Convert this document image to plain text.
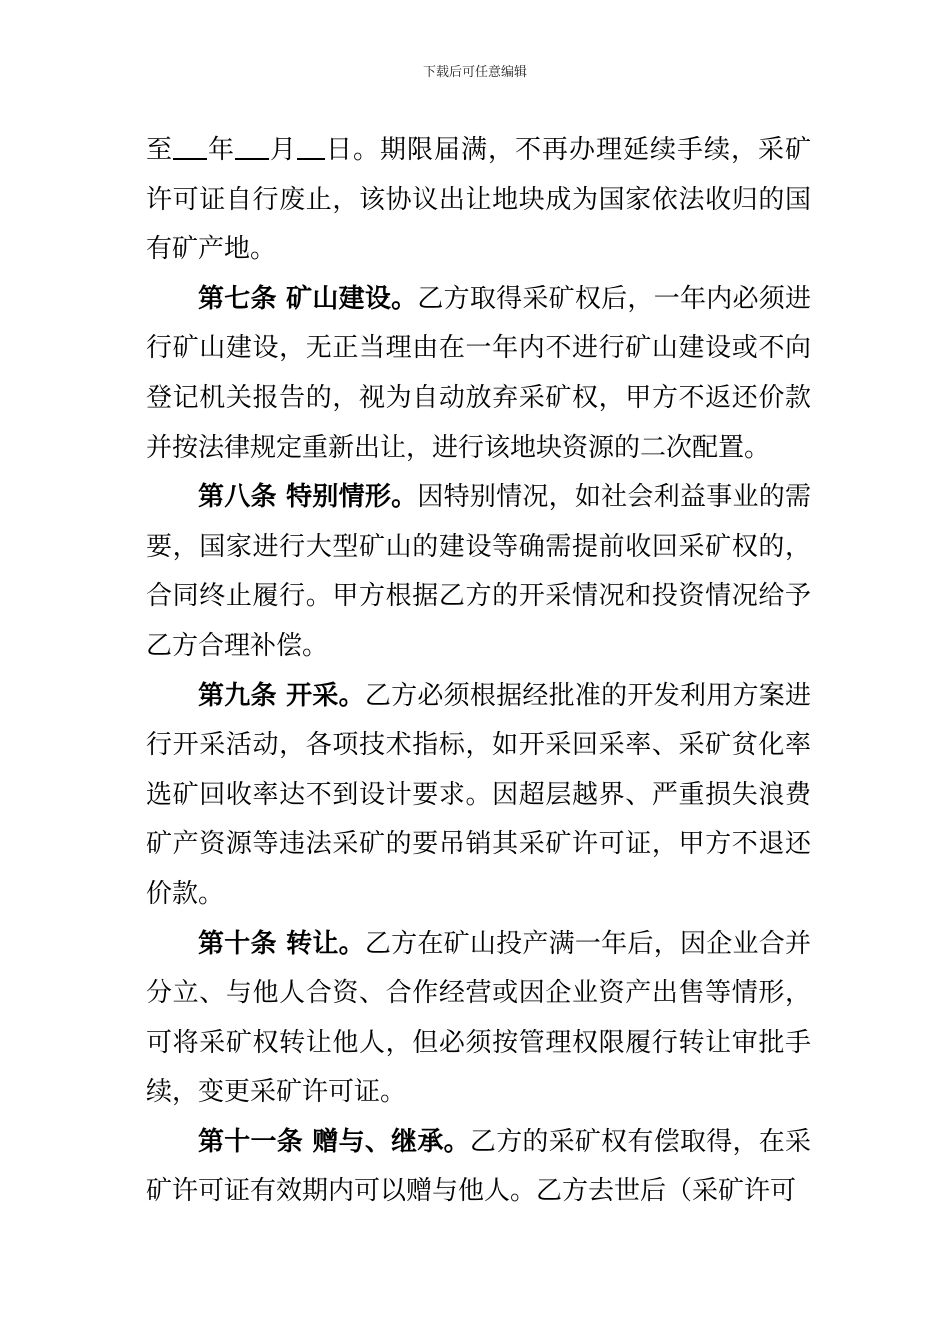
下载后可任意编辑

至 年 月 日。期限届满，不再办理延续手续，采矿许可证自行废止，该协议出让地块成为国家依法收归的国有矿产地。

第七条 矿山建设。乙方取得采矿权后，一年内必须进行矿山建设，无正当理由在一年内不进行矿山建设或不向登记机关报告的，视为自动放弃采矿权，甲方不返还价款并按法律规定重新出让，进行该地块资源的二次配置。

第八条 特别情形。因特别情况，如社会利益事业的需要，国家进行大型矿山的建设等确需提前收回采矿权的，合同终止履行。甲方根据乙方的开采情况和投资情况给予乙方合理补偿。

第九条 开采。乙方必须根据经批准的开发利用方案进行开采活动，各项技术指标，如开采回采率、采矿贫化率选矿回收率达不到设计要求。因超层越界、严重损失浪费矿产资源等违法采矿的要吊销其采矿许可证，甲方不退还价款。

第十条 转让。乙方在矿山投产满一年后，因企业合并分立、与他人合资、合作经营或因企业资产出售等情形，可将采矿权转让他人，但必须按管理权限履行转让审批手续，变更采矿许可证。

第十一条 赠与、继承。乙方的采矿权有偿取得，在采矿许可证有效期内可以赠与他人。乙方去世后（采矿许可
